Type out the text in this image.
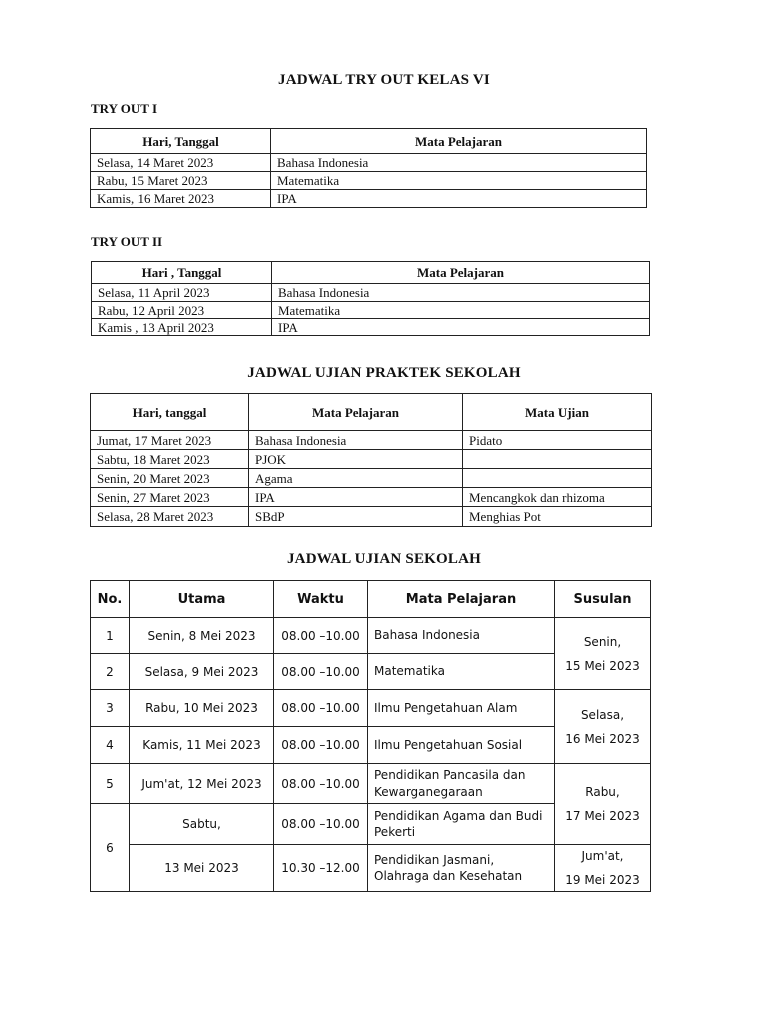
JADWAL TRY OUT KELAS VI
TRY OUT I
Hari, Tanggal	Mata Pelajaran
Selasa, 14 Maret 2023	Bahasa Indonesia
Rabu, 15 Maret 2023	Matematika
Kamis, 16 Maret 2023	IPA
TRY OUT II
Hari , Tanggal	Mata Pelajaran
Selasa, 11 April 2023	Bahasa Indonesia
Rabu, 12 April 2023	Matematika
Kamis , 13 April 2023	IPA
JADWAL UJIAN PRAKTEK SEKOLAH
Hari, tanggal	Mata Pelajaran	Mata Ujian
Jumat, 17 Maret 2023	Bahasa Indonesia	Pidato
Sabtu, 18 Maret 2023	PJOK	
Senin, 20 Maret 2023	Agama	
Senin, 27 Maret 2023	IPA	Mencangkok dan rhizoma
Selasa, 28 Maret 2023	SBdP	Menghias Pot
JADWAL UJIAN SEKOLAH
No.	Utama	Waktu	Mata Pelajaran	Susulan
1	Senin, 8 Mei 2023	08.00 –10.00	Bahasa Indonesia	Senin,
15 Mei 2023

2	Selasa, 9 Mei 2023	08.00 –10.00	Matematika	
3	Rabu, 10 Mei 2023	08.00 –10.00	Ilmu Pengetahuan Alam	Selasa,
16 Mei 2023

4	Kamis, 11 Mei 2023	08.00 –10.00	Ilmu Pengetahuan Sosial	
5	Jum'at, 12 Mei 2023	08.00 –10.00	Pendidikan Pancasila dan Kewarganegaraan	Rabu,
17 Mei 2023

6	Sabtu,	08.00 –10.00	Pendidikan Agama dan Budi Pekerti	
	13 Mei 2023	10.30 –12.00	Pendidikan Jasmani, Olahraga dan Kesehatan	Jum'at,
19 Mei 2023
